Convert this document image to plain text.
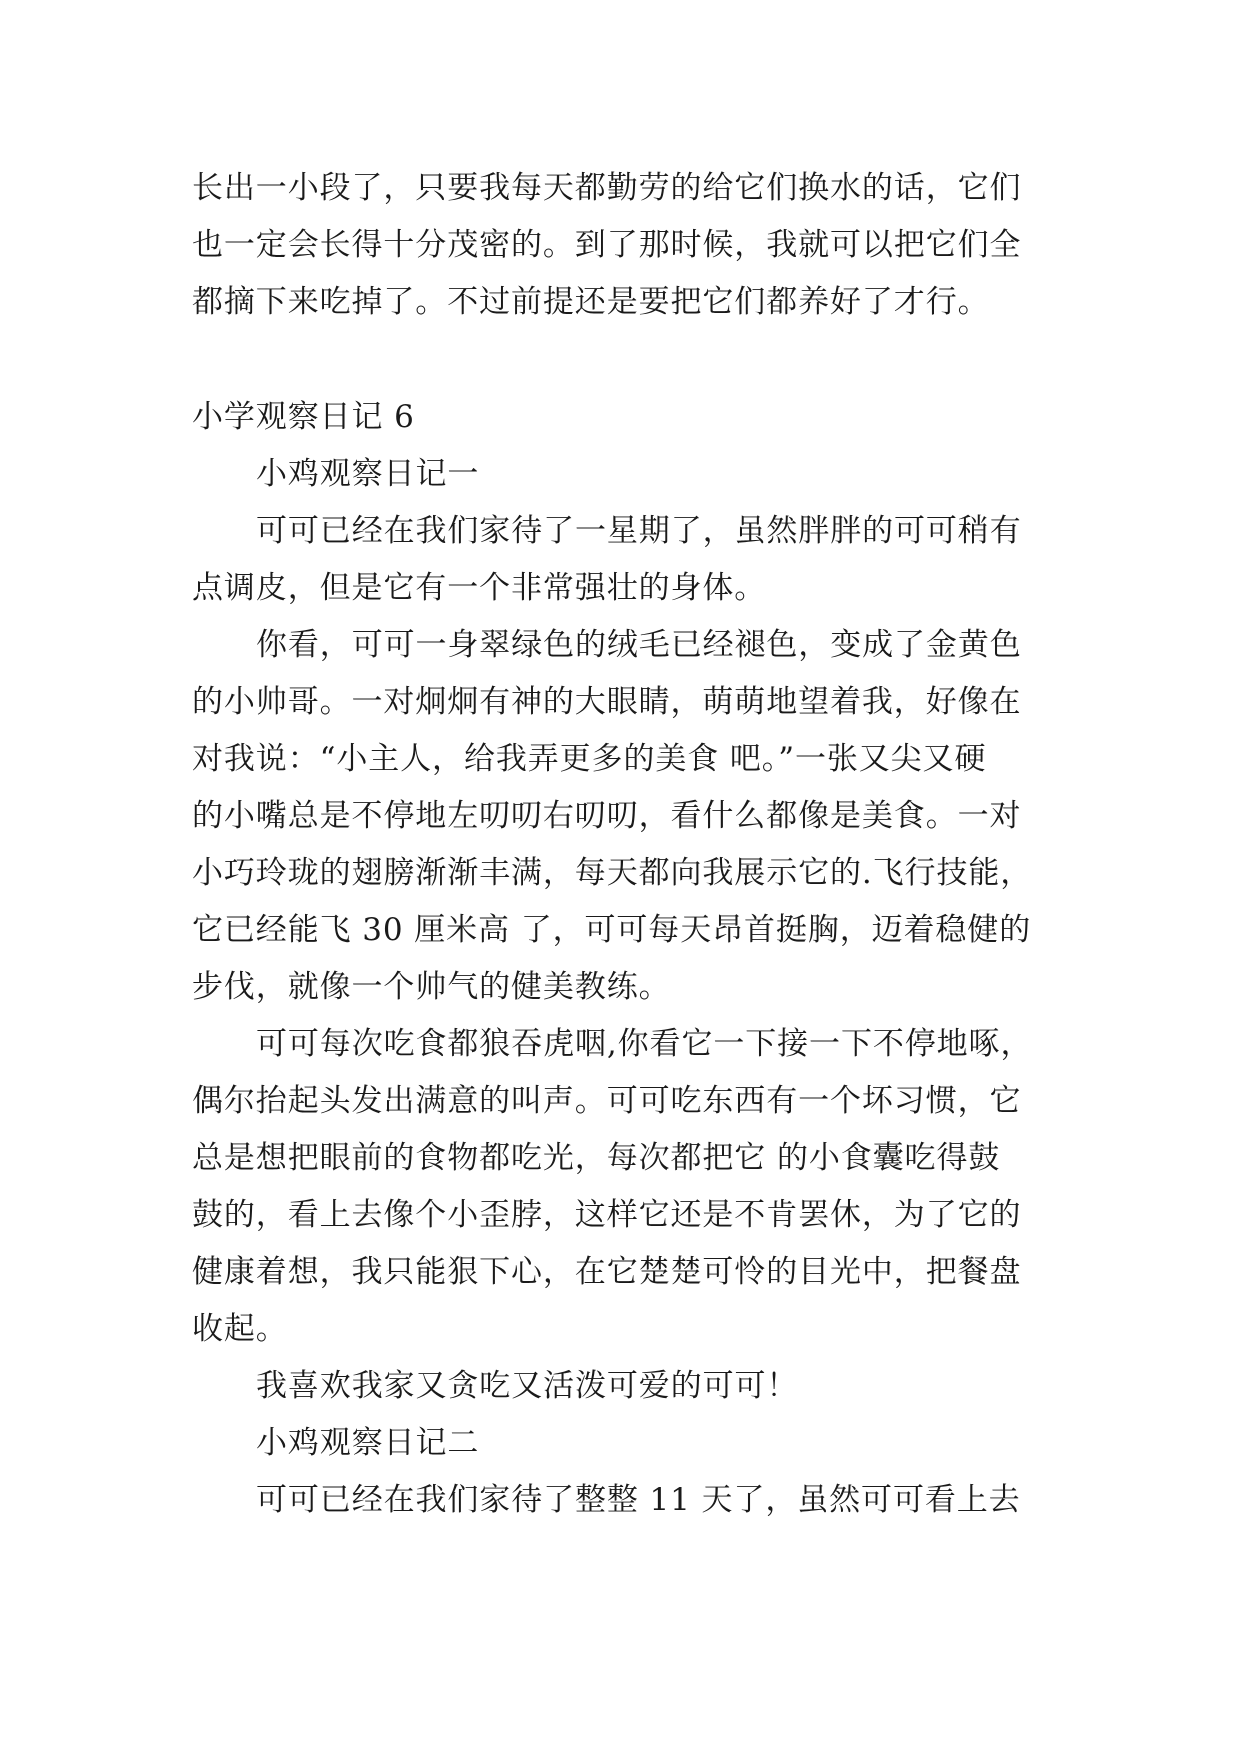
长出一小段了，只要我每天都勤劳的给它们换水的话，它们
也一定会长得十分茂密的。到了那时候，我就可以把它们全
都摘下来吃掉了。不过前提还是要把它们都养好了才行。
小学观察日记 6
小鸡观察日记一
可可已经在我们家待了一星期了，虽然胖胖的可可稍有
点调皮，但是它有一个非常强壮的身体。
你看，可可一身翠绿色的绒毛已经褪色，变成了金黄色
的小帅哥。一对炯炯有神的大眼睛，萌萌地望着我，好像在
对我说：“小主人，给我弄更多的美食 吧。”一张又尖又硬
的小嘴总是不停地左叨叨右叨叨，看什么都像是美食。一对
小巧玲珑的翅膀渐渐丰满，每天都向我展示它的.飞行技能，
它已经能飞 30 厘米高 了，可可每天昂首挺胸，迈着稳健的
步伐，就像一个帅气的健美教练。
可可每次吃食都狼吞虎咽,你看它一下接一下不停地啄，
偶尔抬起头发出满意的叫声。可可吃东西有一个坏习惯，它
总是想把眼前的食物都吃光，每次都把它 的小食囊吃得鼓
鼓的，看上去像个小歪脖，这样它还是不肯罢休，为了它的
健康着想，我只能狠下心，在它楚楚可怜的目光中，把餐盘
收起。
我喜欢我家又贪吃又活泼可爱的可可！
小鸡观察日记二
可可已经在我们家待了整整 11 天了，虽然可可看上去
